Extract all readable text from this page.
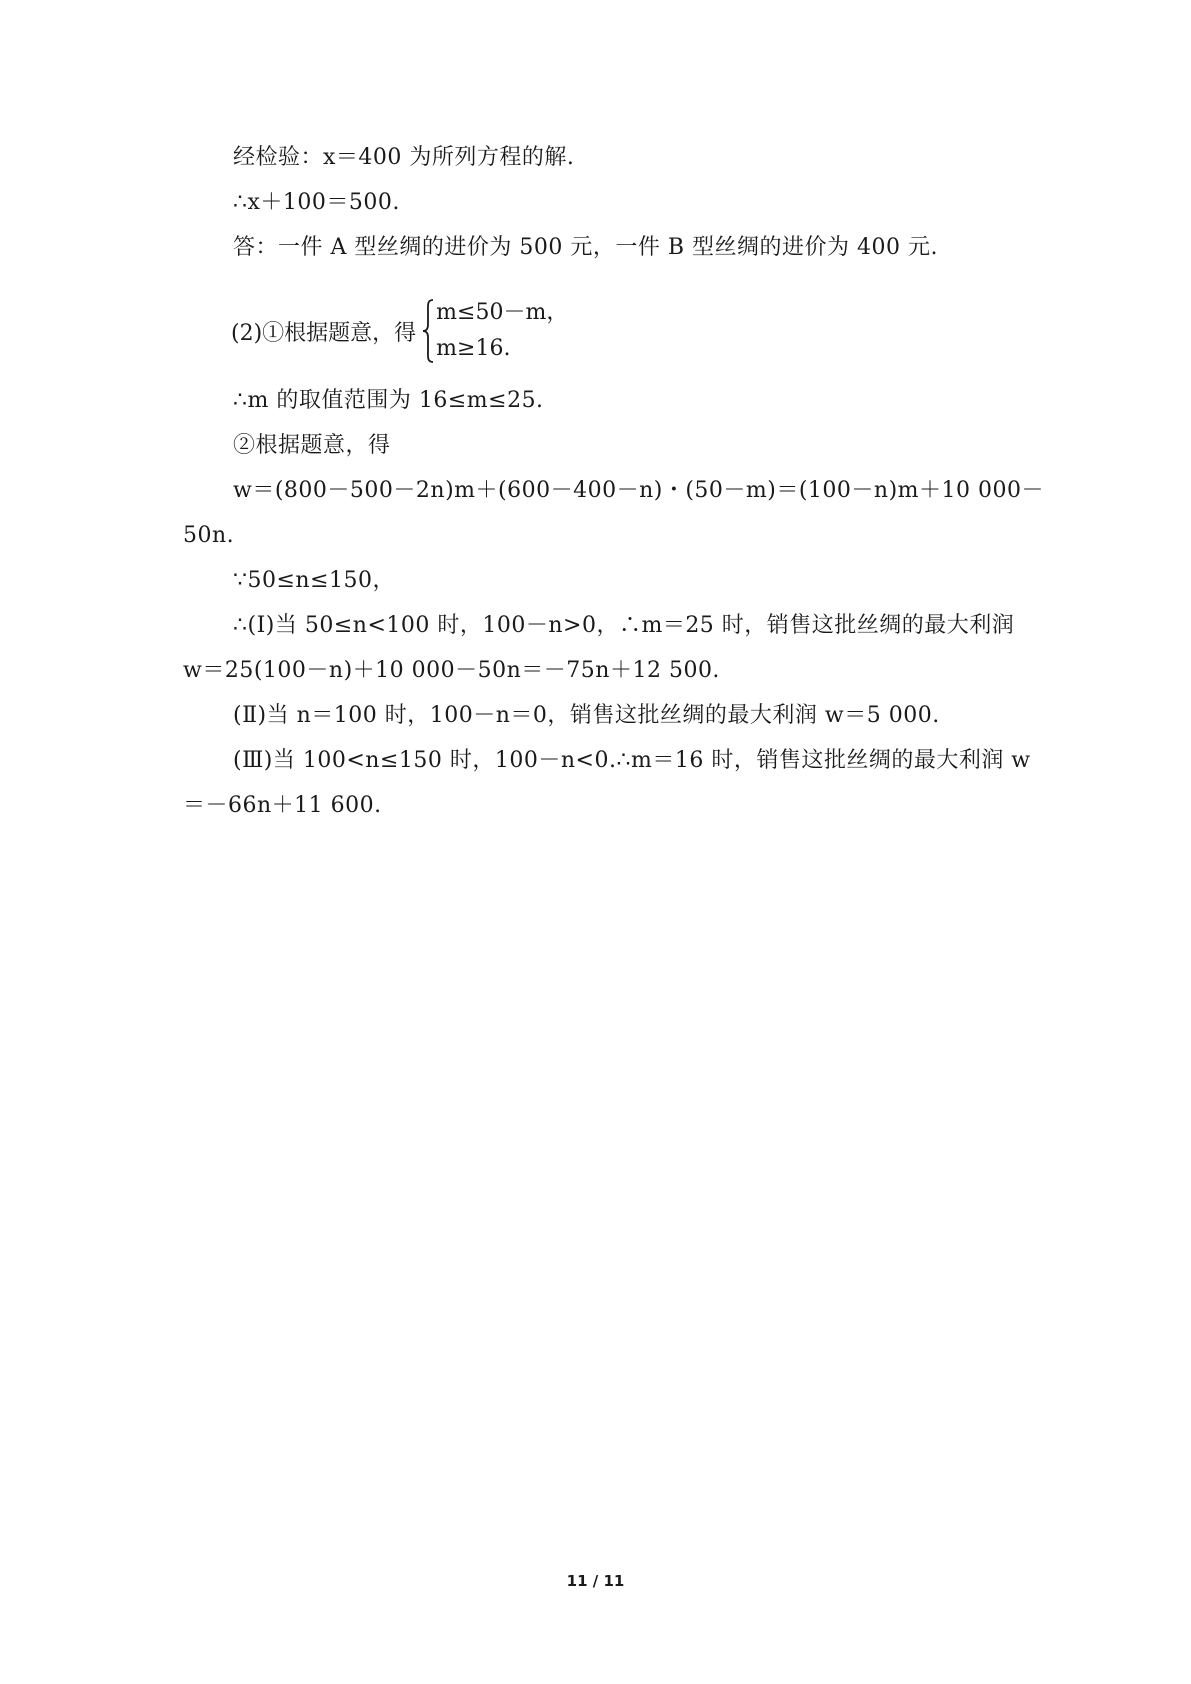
经检验：x＝400 为所列方程的解.
∴x＋100＝500.
答：一件 A 型丝绸的进价为 500 元，一件 B 型丝绸的进价为 400 元.
(2)①根据题意，得
m≤50－m，
m≥16.
∴m 的取值范围为 16≤m≤25.
②根据题意，得
w＝(800－500－2n)m＋(600－400－n)・(50－m)＝(100－n)m＋10 000－
50n.
∵50≤n≤150，
∴(Ⅰ)当 50≤n<100 时，100－n>0，∴m＝25 时，销售这批丝绸的最大利润
w＝25(100－n)＋10 000－50n＝－75n＋12 500.
(Ⅱ)当 n＝100 时，100－n＝0，销售这批丝绸的最大利润 w＝5 000.
(Ⅲ)当 100<n≤150 时，100－n<0.∴m＝16 时，销售这批丝绸的最大利润 w
＝－66n＋11 600.
11 / 11
